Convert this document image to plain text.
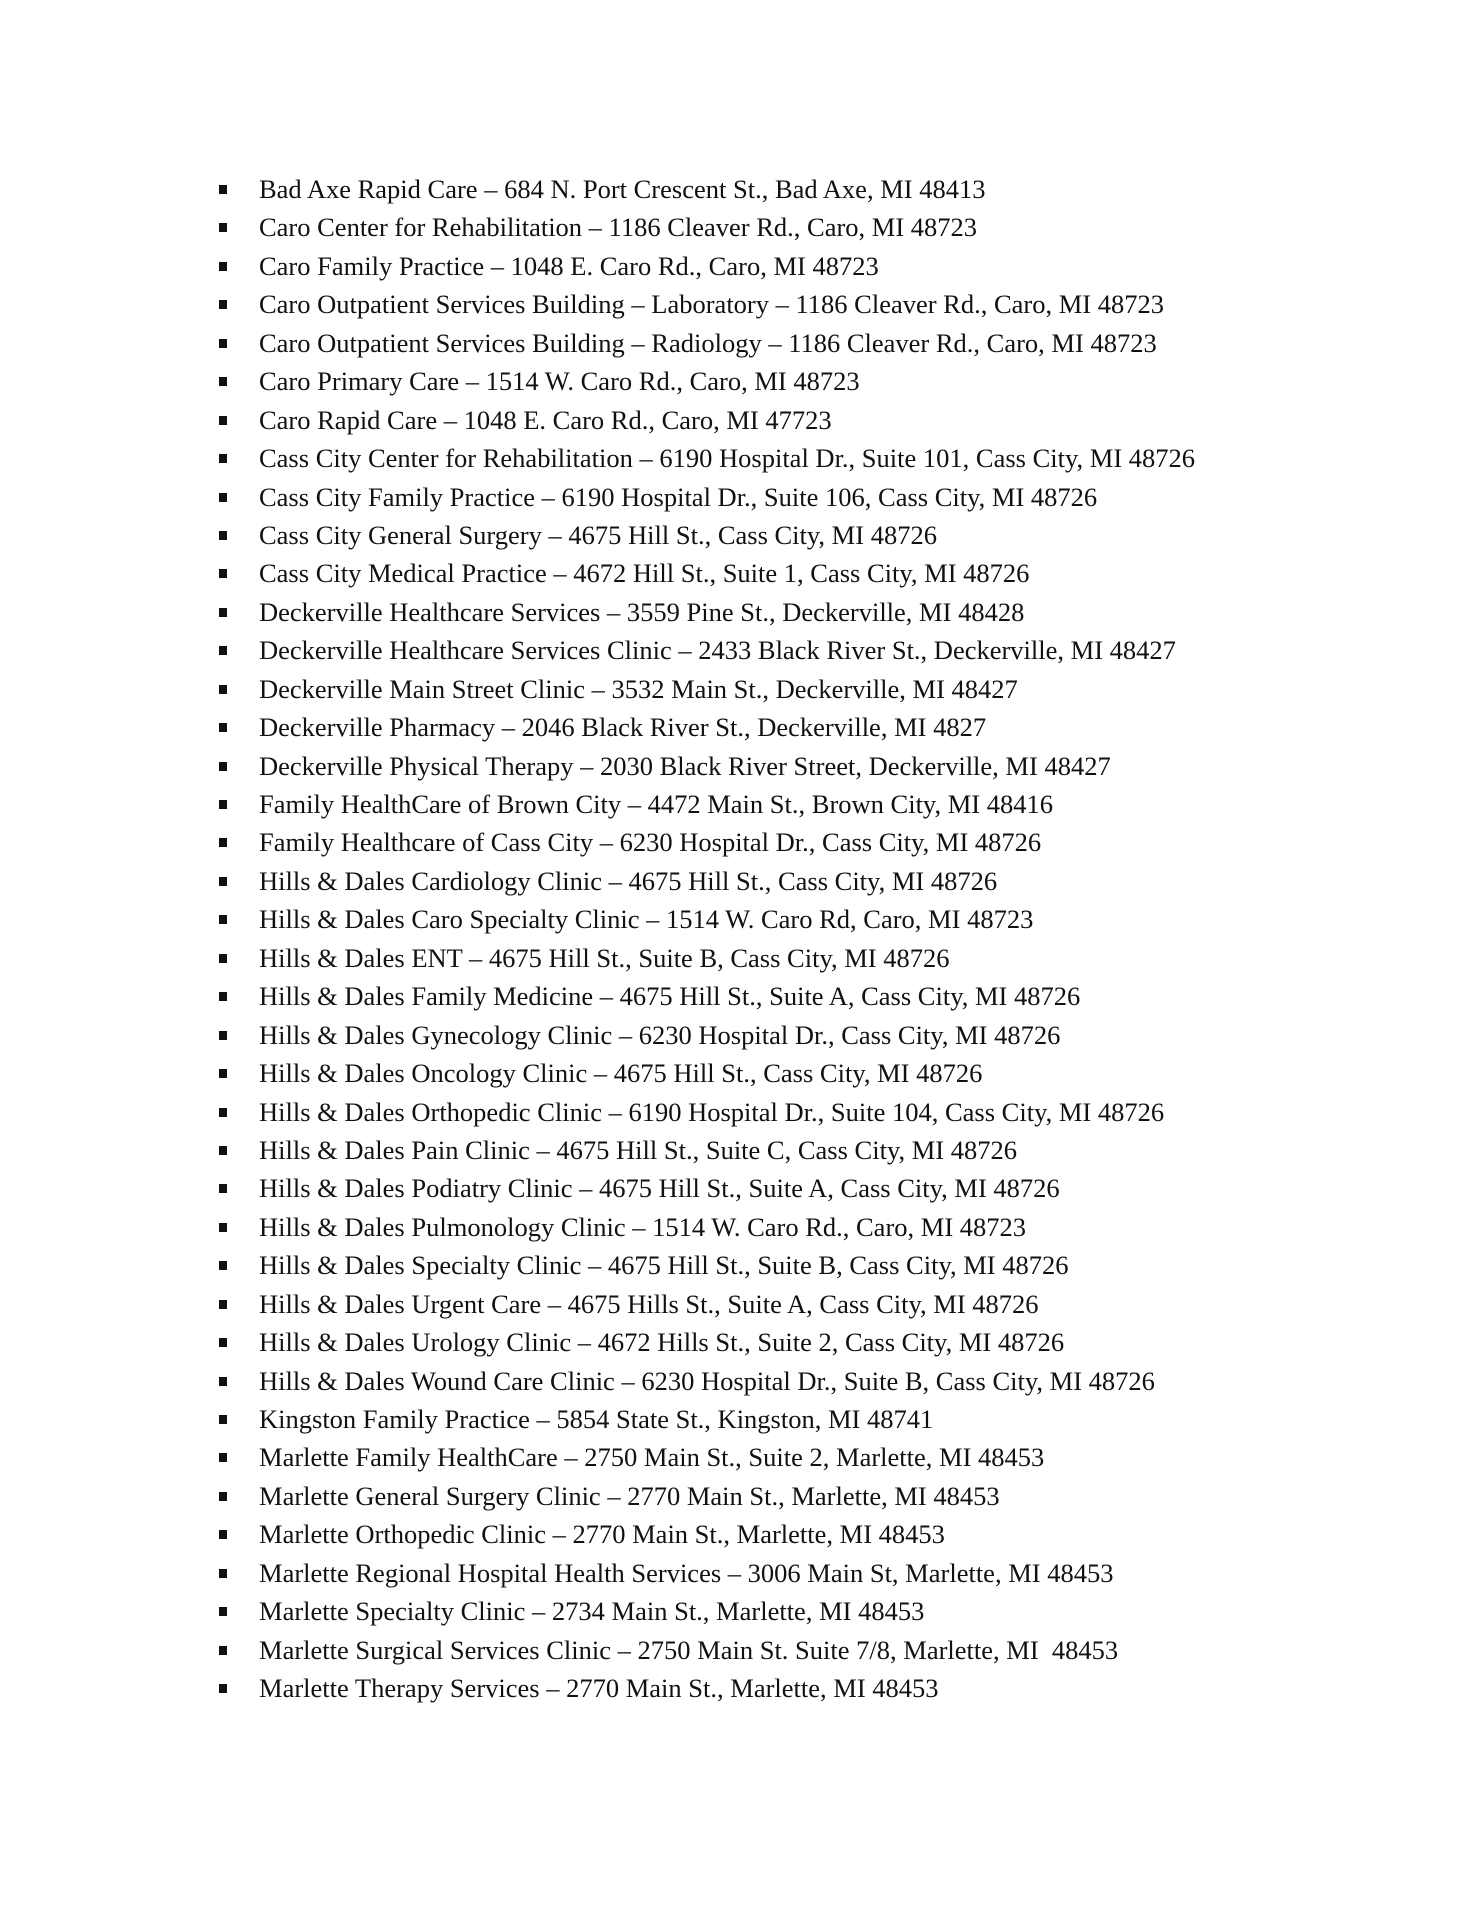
Bad Axe Rapid Care – 684 N. Port Crescent St., Bad Axe, MI 48413
Caro Center for Rehabilitation – 1186 Cleaver Rd., Caro, MI 48723
Caro Family Practice – 1048 E. Caro Rd., Caro, MI 48723
Caro Outpatient Services Building – Laboratory – 1186 Cleaver Rd., Caro, MI 48723
Caro Outpatient Services Building – Radiology – 1186 Cleaver Rd., Caro, MI 48723
Caro Primary Care – 1514 W. Caro Rd., Caro, MI 48723
Caro Rapid Care – 1048 E. Caro Rd., Caro, MI 47723
Cass City Center for Rehabilitation – 6190 Hospital Dr., Suite 101, Cass City, MI 48726
Cass City Family Practice – 6190 Hospital Dr., Suite 106, Cass City, MI 48726
Cass City General Surgery – 4675 Hill St., Cass City, MI 48726
Cass City Medical Practice – 4672 Hill St., Suite 1, Cass City, MI 48726
Deckerville Healthcare Services – 3559 Pine St., Deckerville, MI 48428
Deckerville Healthcare Services Clinic – 2433 Black River St., Deckerville, MI 48427
Deckerville Main Street Clinic – 3532 Main St., Deckerville, MI 48427
Deckerville Pharmacy – 2046 Black River St., Deckerville, MI 4827
Deckerville Physical Therapy – 2030 Black River Street, Deckerville, MI 48427
Family HealthCare of Brown City – 4472 Main St., Brown City, MI 48416
Family Healthcare of Cass City – 6230 Hospital Dr., Cass City, MI 48726
Hills & Dales Cardiology Clinic – 4675 Hill St., Cass City, MI 48726
Hills & Dales Caro Specialty Clinic – 1514 W. Caro Rd, Caro, MI 48723
Hills & Dales ENT – 4675 Hill St., Suite B, Cass City, MI 48726
Hills & Dales Family Medicine – 4675 Hill St., Suite A, Cass City, MI 48726
Hills & Dales Gynecology Clinic – 6230 Hospital Dr., Cass City, MI 48726
Hills & Dales Oncology Clinic – 4675 Hill St., Cass City, MI 48726
Hills & Dales Orthopedic Clinic – 6190 Hospital Dr., Suite 104, Cass City, MI 48726
Hills & Dales Pain Clinic – 4675 Hill St., Suite C, Cass City, MI 48726
Hills & Dales Podiatry Clinic – 4675 Hill St., Suite A, Cass City, MI 48726
Hills & Dales Pulmonology Clinic – 1514 W. Caro Rd., Caro, MI 48723
Hills & Dales Specialty Clinic – 4675 Hill St., Suite B, Cass City, MI 48726
Hills & Dales Urgent Care – 4675 Hills St., Suite A, Cass City, MI 48726
Hills & Dales Urology Clinic – 4672 Hills St., Suite 2, Cass City, MI 48726
Hills & Dales Wound Care Clinic – 6230 Hospital Dr., Suite B, Cass City, MI 48726
Kingston Family Practice – 5854 State St., Kingston, MI 48741
Marlette Family HealthCare – 2750 Main St., Suite 2, Marlette, MI 48453
Marlette General Surgery Clinic – 2770 Main St., Marlette, MI 48453
Marlette Orthopedic Clinic – 2770 Main St., Marlette, MI 48453
Marlette Regional Hospital Health Services – 3006 Main St, Marlette, MI 48453
Marlette Specialty Clinic – 2734 Main St., Marlette, MI 48453
Marlette Surgical Services Clinic – 2750 Main St. Suite 7/8, Marlette, MI  48453
Marlette Therapy Services – 2770 Main St., Marlette, MI 48453
